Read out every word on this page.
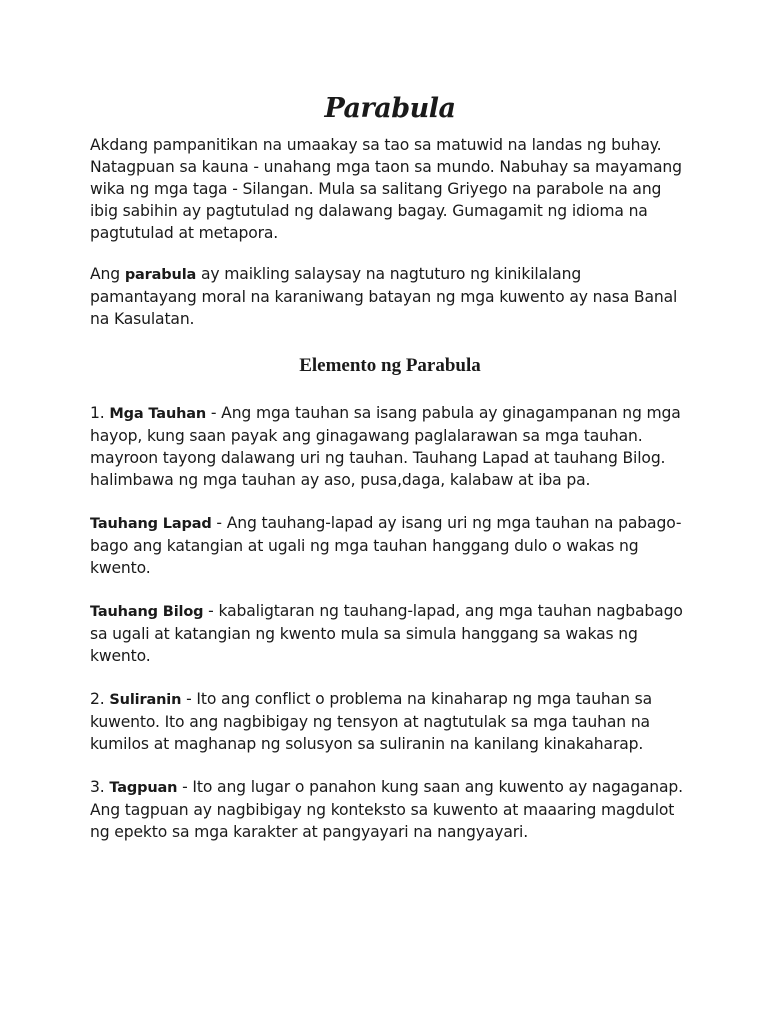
Parabula

Akdang pampanitikan na umaakay sa tao sa matuwid na landas ng buhay. Natagpuan sa kauna - unahang mga taon sa mundo. Nabuhay sa mayamang wika ng mga taga - Silangan. Mula sa salitang Griyego na parabole na ang ibig sabihin ay pagtutulad ng dalawang bagay. Gumagamit ng idioma na pagtutulad at metapora.

Ang parabula ay maikling salaysay na nagtuturo ng kinikilalang pamantayang moral na karaniwang batayan ng mga kuwento ay nasa Banal na Kasulatan.

Elemento ng Parabula

1. Mga Tauhan - Ang mga tauhan sa isang pabula ay ginagampanan ng mga hayop, kung saan payak ang ginagawang paglalarawan sa mga tauhan. mayroon tayong dalawang uri ng tauhan. Tauhang Lapad at tauhang Bilog. halimbawa ng mga tauhan ay aso, pusa,daga, kalabaw at iba pa.

Tauhang Lapad - Ang tauhang-lapad ay isang uri ng mga tauhan na pabago-bago ang katangian at ugali ng mga tauhan hanggang dulo o wakas ng kwento.

Tauhang Bilog - kabaligtaran ng tauhang-lapad, ang mga tauhan nagbabago sa ugali at katangian ng kwento mula sa simula hanggang sa wakas ng kwento.

2. Suliranin - Ito ang conflict o problema na kinaharap ng mga tauhan sa kuwento. Ito ang nagbibigay ng tensyon at nagtutulak sa mga tauhan na kumilos at maghanap ng solusyon sa suliranin na kanilang kinakaharap.

3. Tagpuan - Ito ang lugar o panahon kung saan ang kuwento ay nagaganap. Ang tagpuan ay nagbibigay ng konteksto sa kuwento at maaaring magdulot ng epekto sa mga karakter at pangyayari na nangyayari.
